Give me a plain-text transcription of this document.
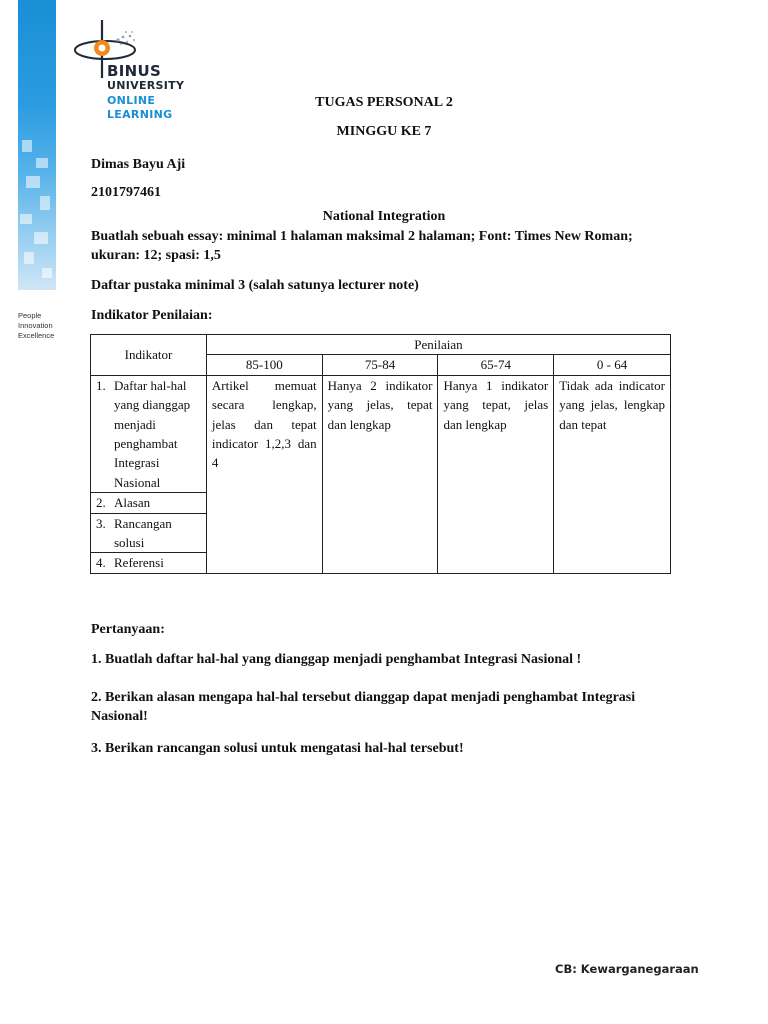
People
Innovation
Excellence
BINUS
UNIVERSITY
ONLINE
LEARNING
TUGAS PERSONAL 2
MINGGU KE 7
Dimas Bayu Aji
2101797461
National Integration
Buatlah sebuah essay: minimal 1 halaman maksimal 2 halaman; Font: Times New Roman;
ukuran: 12; spasi: 1,5
Daftar pustaka minimal 3 (salah satunya lecturer note)
Indikator Penilaian:
Indikator	Penilaian			
	85-100	75-84	65-74	0 - 64
1. Daftar hal-hal yang dianggap menjadi penghambat Integrasi Nasional	Artikel memuat secara lengkap, jelas dan tepat indicator 1,2,3 dan 4	Hanya 2 indikator yang jelas, tepat dan lengkap	Hanya 1 indikator yang tepat, jelas dan lengkap	Tidak ada indicator yang jelas, lengkap dan tepat
2. Alasan				
3. Rancangan solusi				
4. Referensi				
Pertanyaan:
1. Buatlah daftar hal-hal yang dianggap menjadi penghambat Integrasi Nasional !
2. Berikan alasan mengapa hal-hal tersebut dianggap dapat menjadi penghambat Integrasi
Nasional!
3. Berikan rancangan solusi untuk mengatasi hal-hal tersebut!
CB: Kewarganegaraan
